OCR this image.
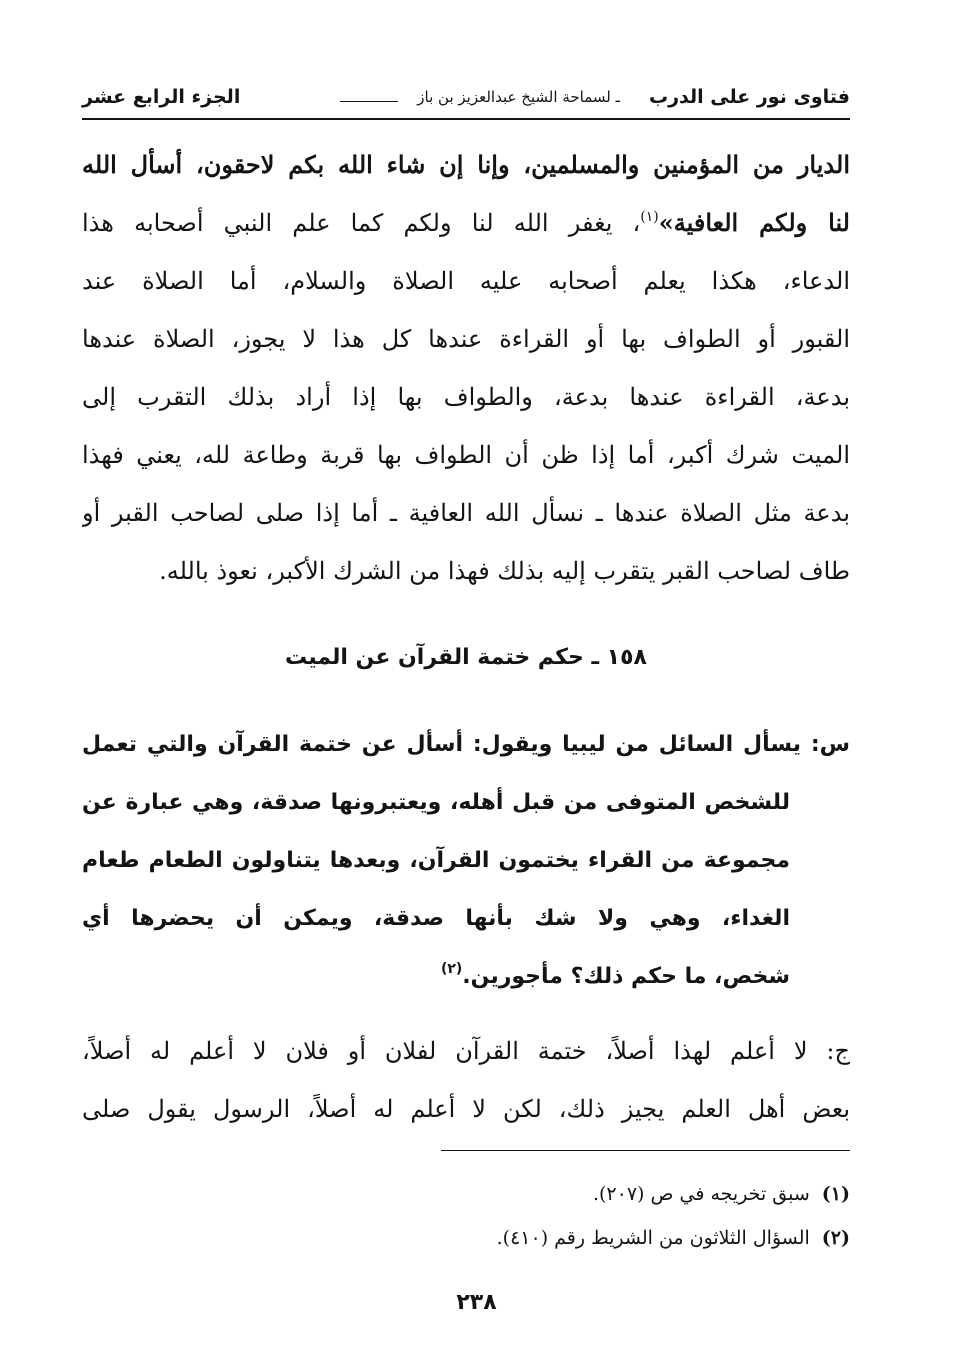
فتاوى نور على الدرب
ـ لسماحة الشيخ عبدالعزيز بن باز
الجزء الرابع عشر
الديار من المؤمنين والمسلمين، وإنا إن شاء الله بكم لاحقون، أسأل الله
لنا ولكم العافية»$^{(١)}$، يغفر الله لنا ولكم كما علم النبي أصحابه هذا
الدعاء، هكذا يعلم أصحابه عليه الصلاة والسلام، أما الصلاة عند
القبور أو الطواف بها أو القراءة عندها كل هذا لا يجوز، الصلاة عندها
بدعة، القراءة عندها بدعة، والطواف بها إذا أراد بذلك التقرب إلى
الميت شرك أكبر، أما إذا ظن أن الطواف بها قربة وطاعة لله، يعني فهذا
بدعة مثل الصلاة عندها ـ نسأل الله العافية ـ أما إذا صلى لصاحب القبر أو
طاف لصاحب القبر يتقرب إليه بذلك فهذا من الشرك الأكبر، نعوذ بالله.
١٥٨ ـ حكم ختمة القرآن عن الميت
س: يسأل السائل من ليبيا ويقول: أسأل عن ختمة القرآن والتي تعمل
للشخص المتوفى من قبل أهله، ويعتبرونها صدقة، وهي عبارة عن
مجموعة من القراء يختمون القرآن، وبعدها يتناولون الطعام طعام
الغداء، وهي ولا شك بأنها صدقة، ويمكن أن يحضرها أي
شخص، ما حكم ذلك؟ مأجورين.$^{(٢)}$
ج: لا أعلم لهذا أصلاً، ختمة القرآن لفلان أو فلان لا أعلم له أصلاً،
بعض أهل العلم يجيز ذلك، لكن لا أعلم له أصلاً، الرسول يقول صلى
(١)سبق تخريجه في ص (٢٠٧).
(٢)السؤال الثلاثون من الشريط رقم (٤١٠).
٢٣٨
